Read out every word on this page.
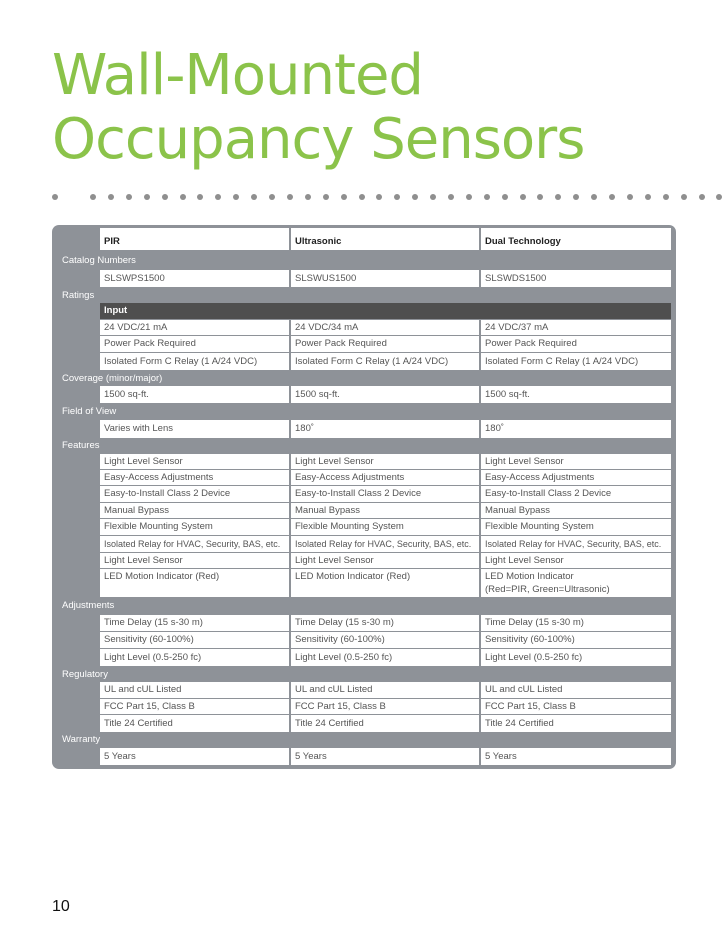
Wall-Mounted
Occupancy Sensors
PIR	Ultrasonic	Dual Technology
Catalog Numbers
SLSWPS1500	SLSWUS1500	SLSWDS1500
Ratings
Input
24 VDC/21 mA	24 VDC/34 mA	24 VDC/37 mA
Power Pack Required	Power Pack Required	Power Pack Required
Isolated Form C Relay (1 A/24 VDC)	Isolated Form C Relay (1 A/24 VDC)	Isolated Form C Relay (1 A/24 VDC)
Coverage (minor/major)
1500 sq-ft.	1500 sq-ft.	1500 sq-ft.
Field of View
Varies with Lens	180˚	180˚
Features
Light Level Sensor	Light Level Sensor	Light Level Sensor
Easy-Access Adjustments	Easy-Access Adjustments	Easy-Access Adjustments
Easy-to-Install Class 2 Device	Easy-to-Install Class 2 Device	Easy-to-Install Class 2 Device
Manual Bypass	Manual Bypass	Manual Bypass
Flexible Mounting System	Flexible Mounting System	Flexible Mounting System
Isolated Relay for HVAC, Security, BAS, etc.	Isolated Relay for HVAC, Security, BAS, etc.	Isolated Relay for HVAC, Security, BAS, etc.
Light Level Sensor	Light Level Sensor	Light Level Sensor
LED Motion Indicator (Red)	LED Motion Indicator (Red)	LED Motion Indicator
(Red=PIR, Green=Ultrasonic)
Adjustments
Time Delay (15 s-30 m)	Time Delay (15 s-30 m)	Time Delay (15 s-30 m)
Sensitivity (60-100%)	Sensitivity (60-100%)	Sensitivity (60-100%)
Light Level (0.5-250 fc)	Light Level (0.5-250 fc)	Light Level (0.5-250 fc)
Regulatory
UL and cUL Listed	UL and cUL Listed	UL and cUL Listed
FCC Part 15, Class B	FCC Part 15, Class B	FCC Part 15, Class B
Title 24 Certified	Title 24 Certified	Title 24 Certified
Warranty
5 Years	5 Years	5 Years
10
